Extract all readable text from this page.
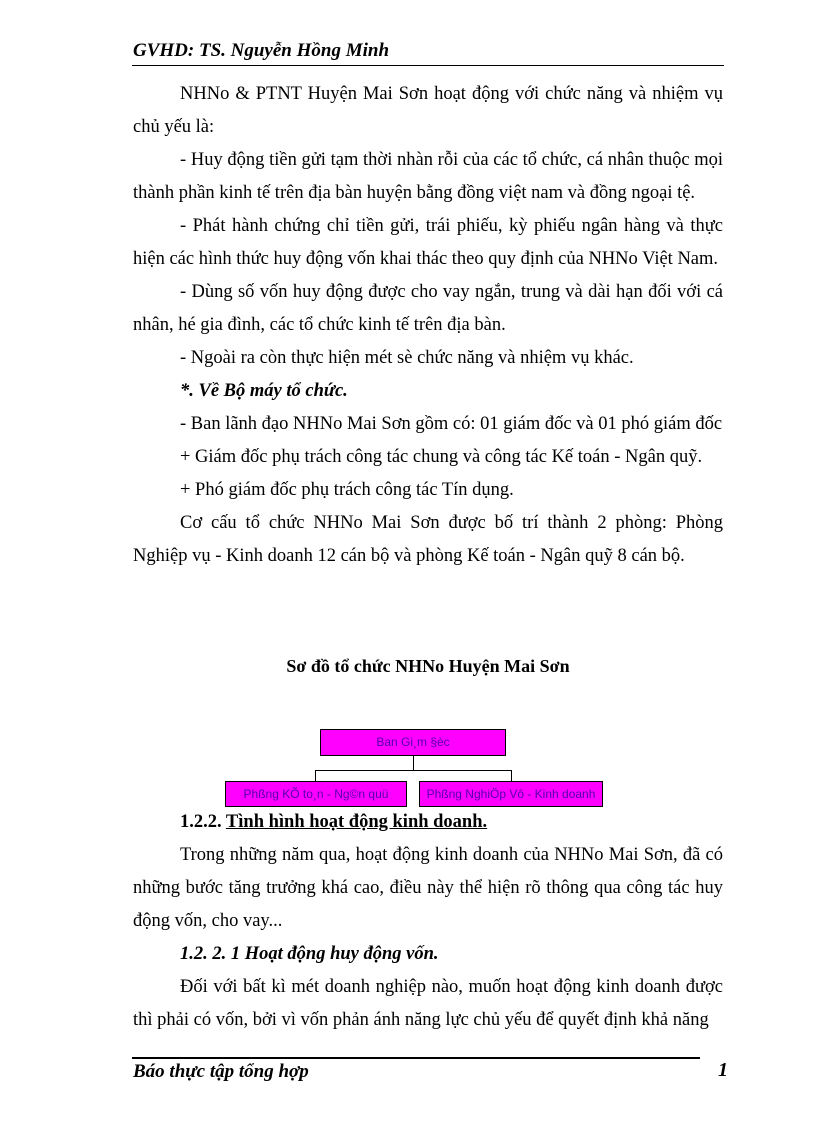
GVHD: TS. Nguyễn Hồng Minh

NHNo & PTNT Huyện Mai Sơn hoạt động với chức năng và nhiệm vụ chủ yếu là:

- Huy động tiền gửi tạm thời nhàn rỗi của các tổ chức, cá nhân thuộc mọi thành phần kinh tế trên địa bàn huyện bằng đồng việt nam và đồng ngoại tệ.

- Phát hành chứng chỉ tiền gửi, trái phiếu, kỳ phiếu ngân hàng và thực hiện các hình thức huy động vốn khai thác theo quy định của NHNo Việt Nam.

- Dùng số vốn huy động được cho vay ngắn, trung và dài hạn đối với cá nhân, hé gia đình, các tổ chức kinh tế trên địa bàn.

- Ngoài ra còn thực hiện mét sè chức năng và nhiệm vụ khác.

*. Về Bộ máy tổ chức.

- Ban lãnh đạo NHNo Mai Sơn gồm có: 01 giám đốc và 01 phó giám đốc

+ Giám đốc phụ trách công tác chung và công tác Kế toán - Ngân quỹ.

+ Phó giám đốc phụ trách công tác Tín dụng.

Cơ cấu tổ chức NHNo Mai Sơn được bố trí thành 2 phòng: Phòng Nghiệp vụ - Kinh doanh 12 cán bộ và phòng Kế toán - Ngân quỹ 8 cán bộ.

Sơ đồ tổ chức NHNo Huyện Mai Sơn
Ban Gi¸m §èc
Phßng KÕ to¸n - Ng©n quü	Phßng NghiÖp Vô - Kinh doanh

1.2.2. Tình hình hoạt động kinh doanh.

Trong những năm qua, hoạt động kinh doanh của NHNo Mai Sơn, đã có những bước tăng trưởng khá cao, điều này thể hiện rõ thông qua công tác huy động vốn, cho vay...

1.2. 2. 1 Hoạt động huy động vốn.

Đối với bất kì mét doanh nghiệp nào, muốn hoạt động kinh doanh được thì phải có vốn, bởi vì vốn phản ánh năng lực chủ yếu để quyết định khả năng

Báo thực tập tổng hợp	1
